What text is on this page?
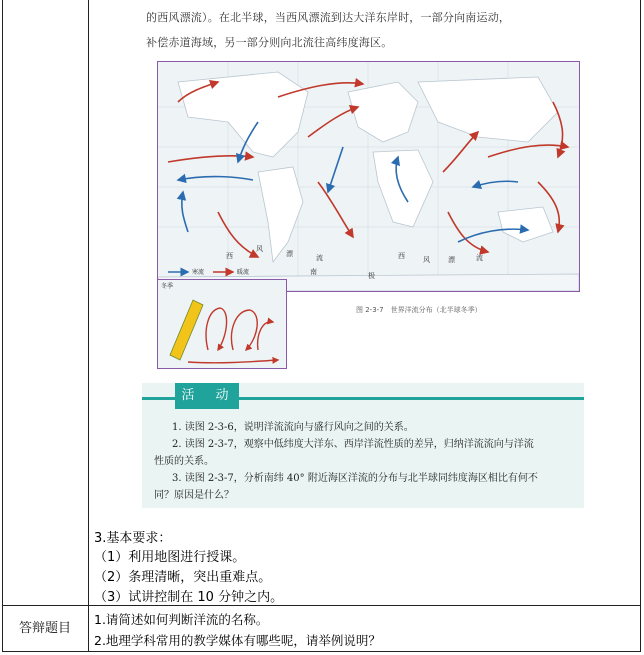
的西风漂流）。在北半球，当西风漂流到达大洋东岸时，一部分向南运动，
补偿赤道海域，另一部分则向北流往高纬度海区。
西
风
漂	流
南	极
西	风	漂	流
寒流	暖流
冬季
图 2-3-7　世界洋流分布（北半球冬季）
活　动
1. 读图 2-3-6，说明洋流流向与盛行风向之间的关系。
2. 读图 2-3-7，观察中低纬度大洋东、西岸洋流性质的差异，归纳洋流流向与洋流
性质的关系。
3. 读图 2-3-7，分析南纬 40° 附近海区洋流的分布与北半球同纬度海区相比有何不
同？原因是什么？
3.基本要求：
（1）利用地图进行授课。
（2）条理清晰，突出重难点。
（3）试讲控制在 10 分钟之内。
答辩题目
1.请简述如何判断洋流的名称。
2.地理学科常用的教学媒体有哪些呢，请举例说明？
